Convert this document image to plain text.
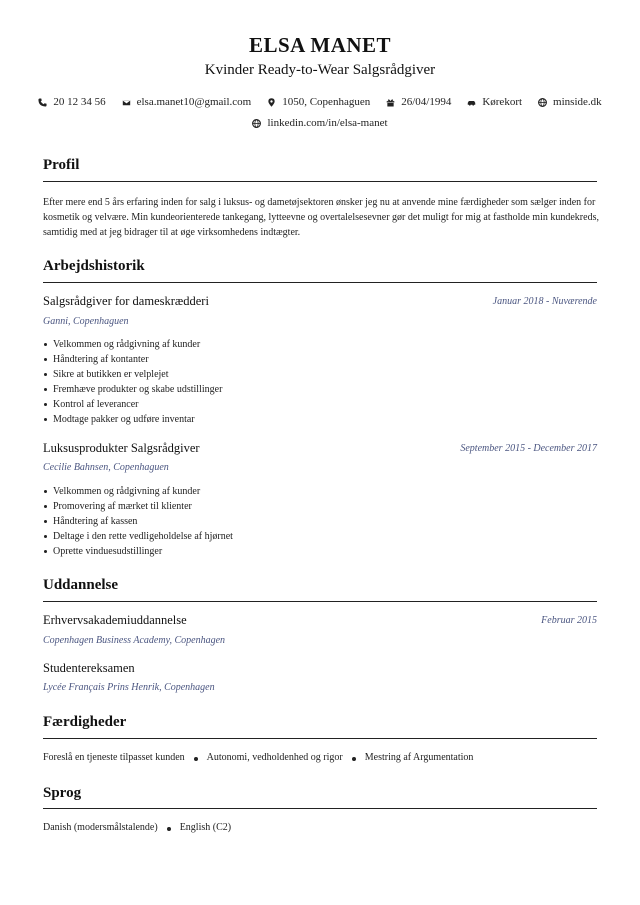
ELSA MANET
Kvinder Ready-to-Wear Salgsrådgiver
20 12 34 56	elsa.manet10@gmail.com	1050, Copenhaguen	26/04/1994	Kørekort	minside.dk
linkedin.com/in/elsa-manet
Profil
Efter mere end 5 års erfaring inden for salg i luksus- og dametøjsektoren ønsker jeg nu at anvende mine færdigheder som sælger inden for kosmetik og velvære. Min kundeorienterede tankegang, lytteevne og overtalelsesevner gør det muligt for mig at fastholde min kundekreds, samtidig med at jeg bidrager til at øge virksomhedens indtægter.
Arbejdshistorik
Salgsrådgiver for dameskrædderi	Januar 2018 - Nuværende
Ganni, Copenhaguen
Velkommen og rådgivning af kunder
Håndtering af kontanter
Sikre at butikken er velplejet
Fremhæve produkter og skabe udstillinger
Kontrol af leverancer
Modtage pakker og udføre inventar
Luksusprodukter Salgsrådgiver	September 2015 - December 2017
Cecilie Bahnsen, Copenhaguen
Velkommen og rådgivning af kunder
Promovering af mærket til klienter
Håndtering af kassen
Deltage i den rette vedligeholdelse af hjørnet
Oprette vinduesudstillinger
Uddannelse
Erhvervsakademiuddannelse	Februar 2015
Copenhagen Business Academy, Copenhagen
Studentereksamen
Lycée Français Prins Henrik, Copenhagen
Færdigheder
Foreslå en tjeneste tilpasset kunden Autonomi, vedholdenhed og rigor Mestring af Argumentation
Sprog
Danish (modersmålstalende) English (C2)
